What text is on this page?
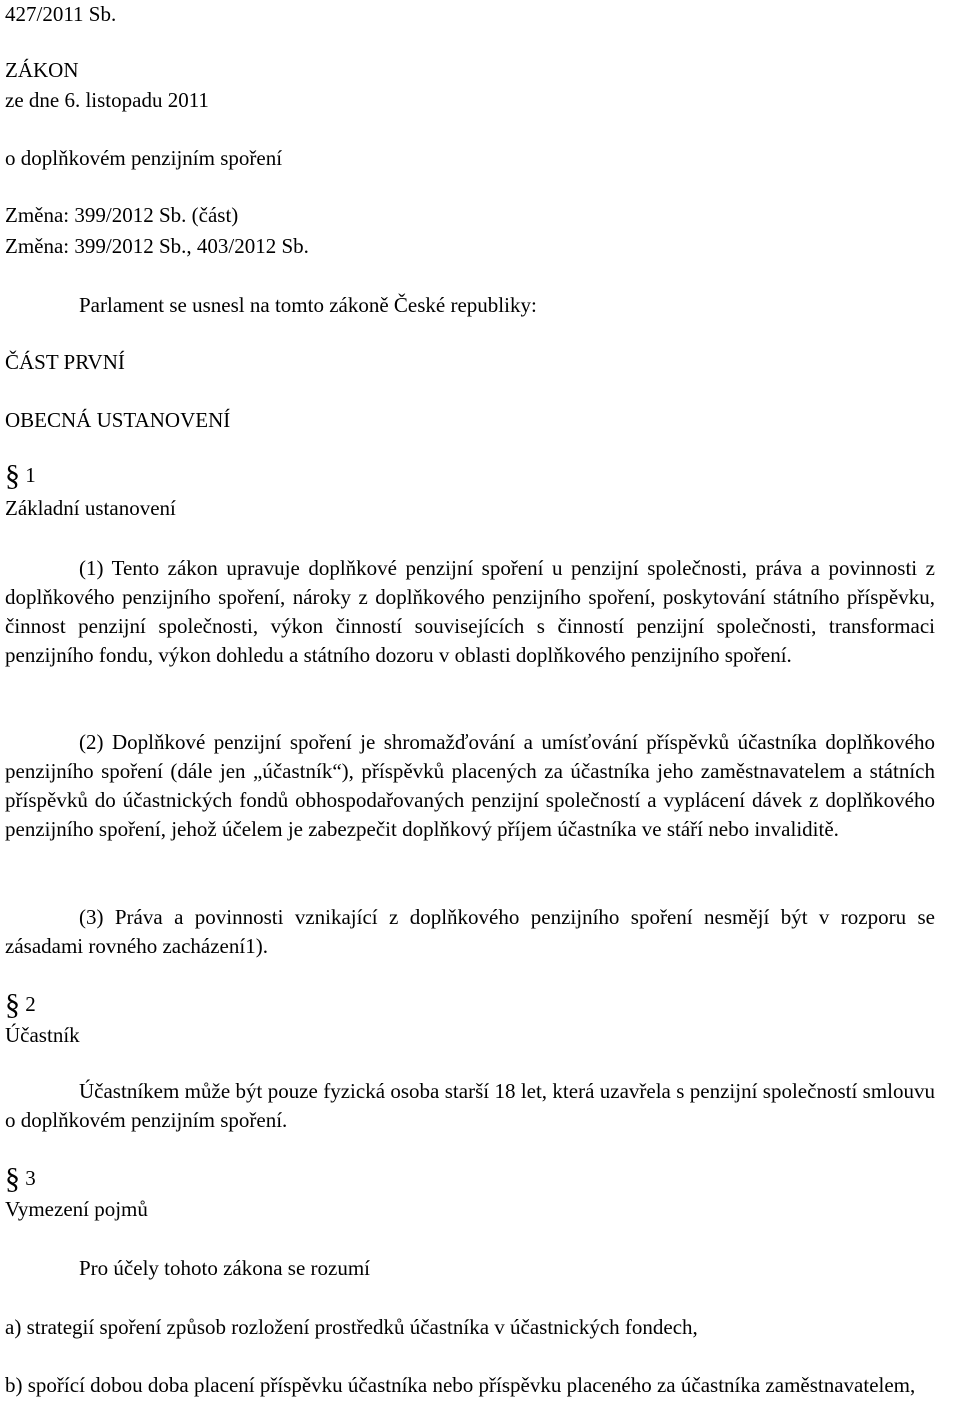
427/2011 Sb.
ZÁKON
ze dne 6. listopadu 2011
o doplňkovém penzijním spoření
Změna: 399/2012 Sb. (část)
Změna: 399/2012 Sb., 403/2012 Sb.
Parlament se usnesl na tomto zákoně České republiky:
ČÁST PRVNÍ
OBECNÁ USTANOVENÍ
§ 1
Základní ustanovení
(1) Tento zákon upravuje doplňkové penzijní spoření u penzijní společnosti, práva a povinnosti z doplňkového penzijního spoření, nároky z doplňkového penzijního spoření, poskytování státního příspěvku, činnost penzijní společnosti, výkon činností souvisejících s činností penzijní společnosti, transformaci penzijního fondu, výkon dohledu a státního dozoru v oblasti doplňkového penzijního spoření.
(2) Doplňkové penzijní spoření je shromažďování a umísťování příspěvků účastníka doplňkového penzijního spoření (dále jen „účastník“), příspěvků placených za účastníka jeho zaměstnavatelem a státních příspěvků do účastnických fondů obhospodařovaných penzijní společností a vyplácení dávek z doplňkového penzijního spoření, jehož účelem je zabezpečit doplňkový příjem účastníka ve stáří nebo invaliditě.
(3) Práva a povinnosti vznikající z doplňkového penzijního spoření nesmějí být v rozporu se zásadami rovného zacházení1).
§ 2
Účastník
Účastníkem může být pouze fyzická osoba starší 18 let, která uzavřela s penzijní společností smlouvu o doplňkovém penzijním spoření.
§ 3
Vymezení pojmů
Pro účely tohoto zákona se rozumí
a) strategií spoření způsob rozložení prostředků účastníka v účastnických fondech,
b) spořící dobou doba placení příspěvku účastníka nebo příspěvku placeného za účastníka zaměstnavatelem,
